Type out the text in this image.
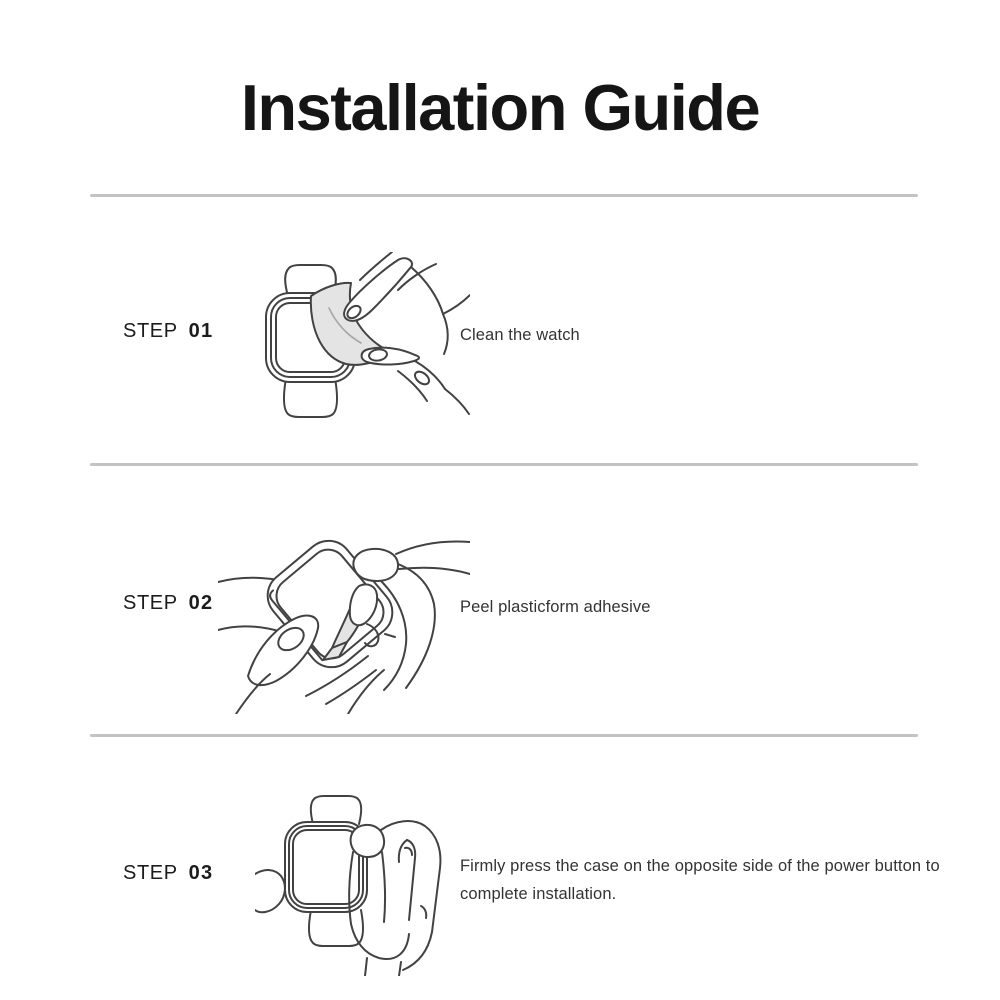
Installation Guide
STEP 01	Clean the watch
STEP 02	Peel plasticform adhesive
STEP 03	Firmly press the case on the opposite side of the power button to complete installation.
